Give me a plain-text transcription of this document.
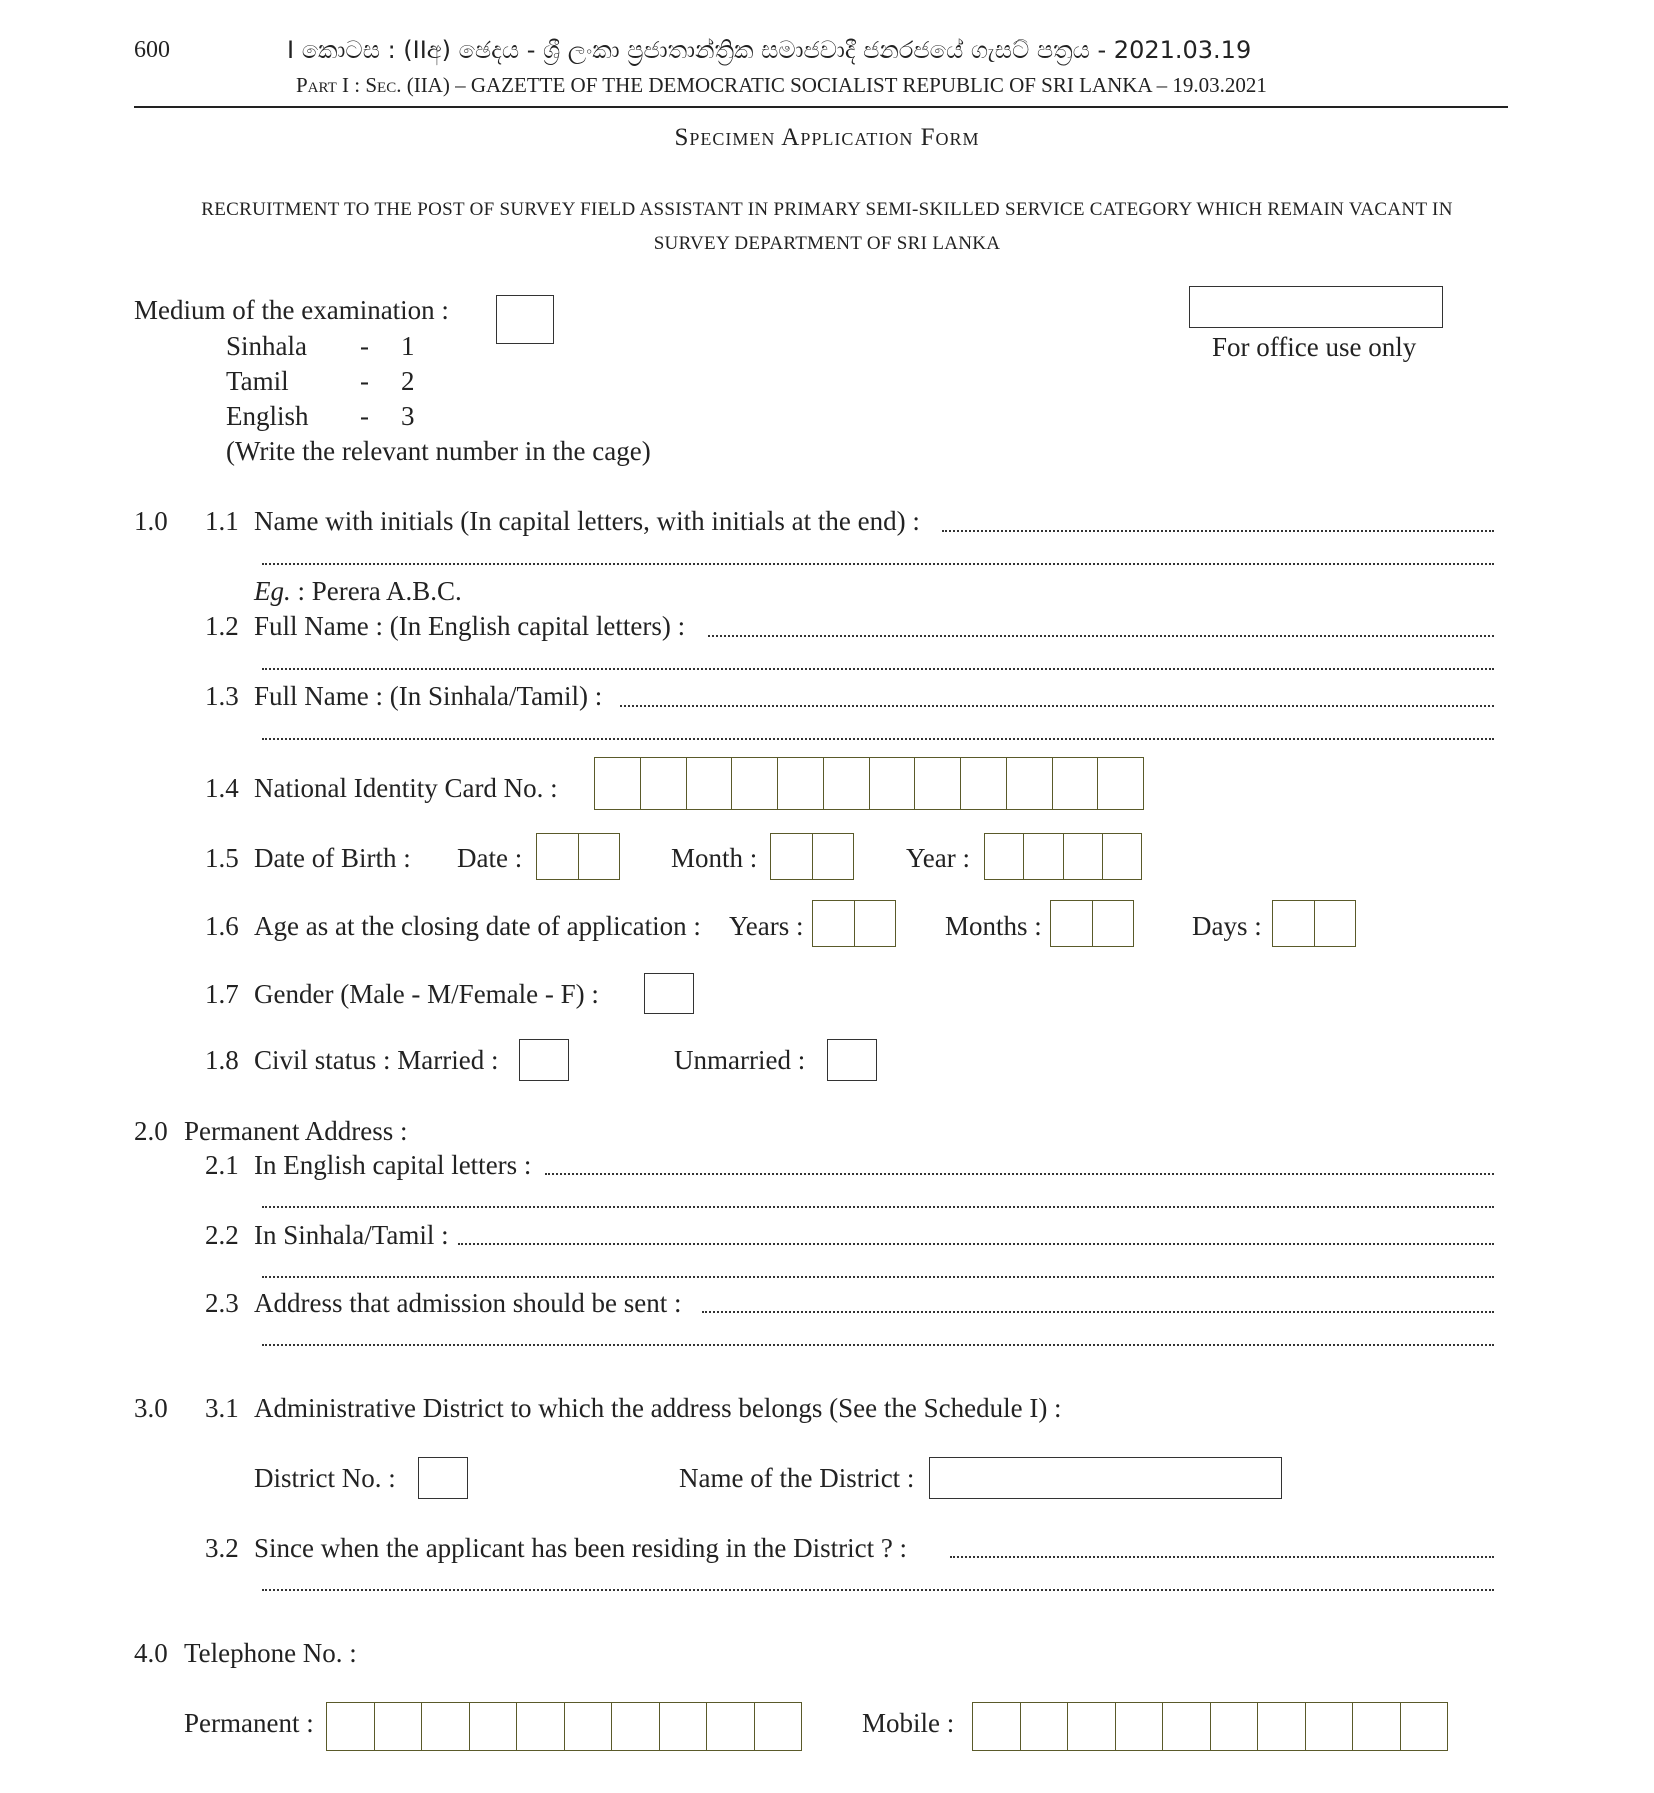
600	I කොටස : (IIඅ) ඡෙදය - ශ්‍රී ලංකා ප්‍රජාතාන්ත්‍රික සමාජවාදී ජනරජයේ ගැසට් පත්‍රය - 2021.03.19
Part I : Sec. (IIA) – GAZETTE OF THE DEMOCRATIC SOCIALIST REPUBLIC OF SRI LANKA – 19.03.2021
Specimen Application Form
RECRUITMENT TO THE POST OF SURVEY FIELD ASSISTANT IN PRIMARY SEMI-SKILLED SERVICE CATEGORY WHICH REMAIN VACANT IN
SURVEY DEPARTMENT OF SRI LANKA
Medium of the examination :
Sinhala - 1
Tamil	- 2
English - 3
(Write the relevant number in the cage)
For office use only
1.0 1.1 Name with initials (In capital letters, with initials at the end) :
Eg. : Perera A.B.C.
1.2 Full Name : (In English capital letters) :
1.3 Full Name : (In Sinhala/Tamil) :
1.4 National Identity Card No. :
1.5 Date of Birth : Date :	Month :	Year :
1.6 Age as at the closing date of application : Years :	Months :	Days :
1.7 Gender (Male - M/Female - F) :
1.8 Civil status : Married :	Unmarried :
2.0 Permanent Address :
2.1 In English capital letters :
2.2 In Sinhala/Tamil :
2.3 Address that admission should be sent :
3.0 3.1 Administrative District to which the address belongs (See the Schedule I) :
District No. :	Name of the District :
3.2 Since when the applicant has been residing in the District ? :
4.0 Telephone No. :
Permanent :	Mobile :
